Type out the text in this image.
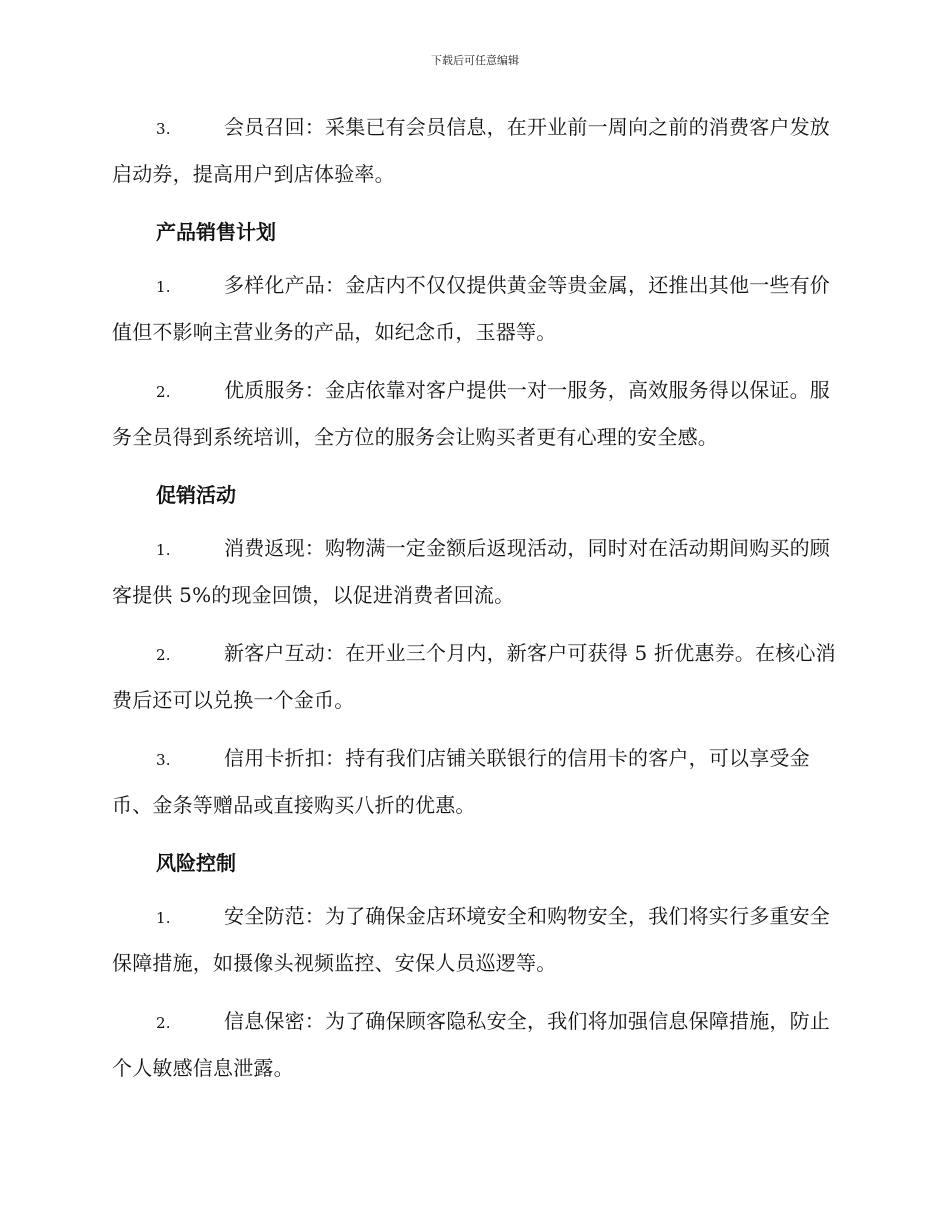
下载后可任意编辑

3.	会员召回：采集已有会员信息，在开业前一周向之前的消费客户发放启动券，提高用户到店体验率。

产品销售计划

1.	多样化产品：金店内不仅仅提供黄金等贵金属，还推出其他一些有价值但不影响主营业务的产品，如纪念币，玉器等。

2.	优质服务：金店依靠对客户提供一对一服务，高效服务得以保证。服务全员得到系统培训，全方位的服务会让购买者更有心理的安全感。

促销活动

1.	消费返现：购物满一定金额后返现活动，同时对在活动期间购买的顾客提供 5%的现金回馈，以促进消费者回流。

2.	新客户互动：在开业三个月内，新客户可获得 5 折优惠券。在核心消费后还可以兑换一个金币。

3.	信用卡折扣：持有我们店铺关联银行的信用卡的客户，可以享受金币、金条等赠品或直接购买八折的优惠。

风险控制

1.	安全防范：为了确保金店环境安全和购物安全，我们将实行多重安全保障措施，如摄像头视频监控、安保人员巡逻等。

2.	信息保密：为了确保顾客隐私安全，我们将加强信息保障措施，防止个人敏感信息泄露。
